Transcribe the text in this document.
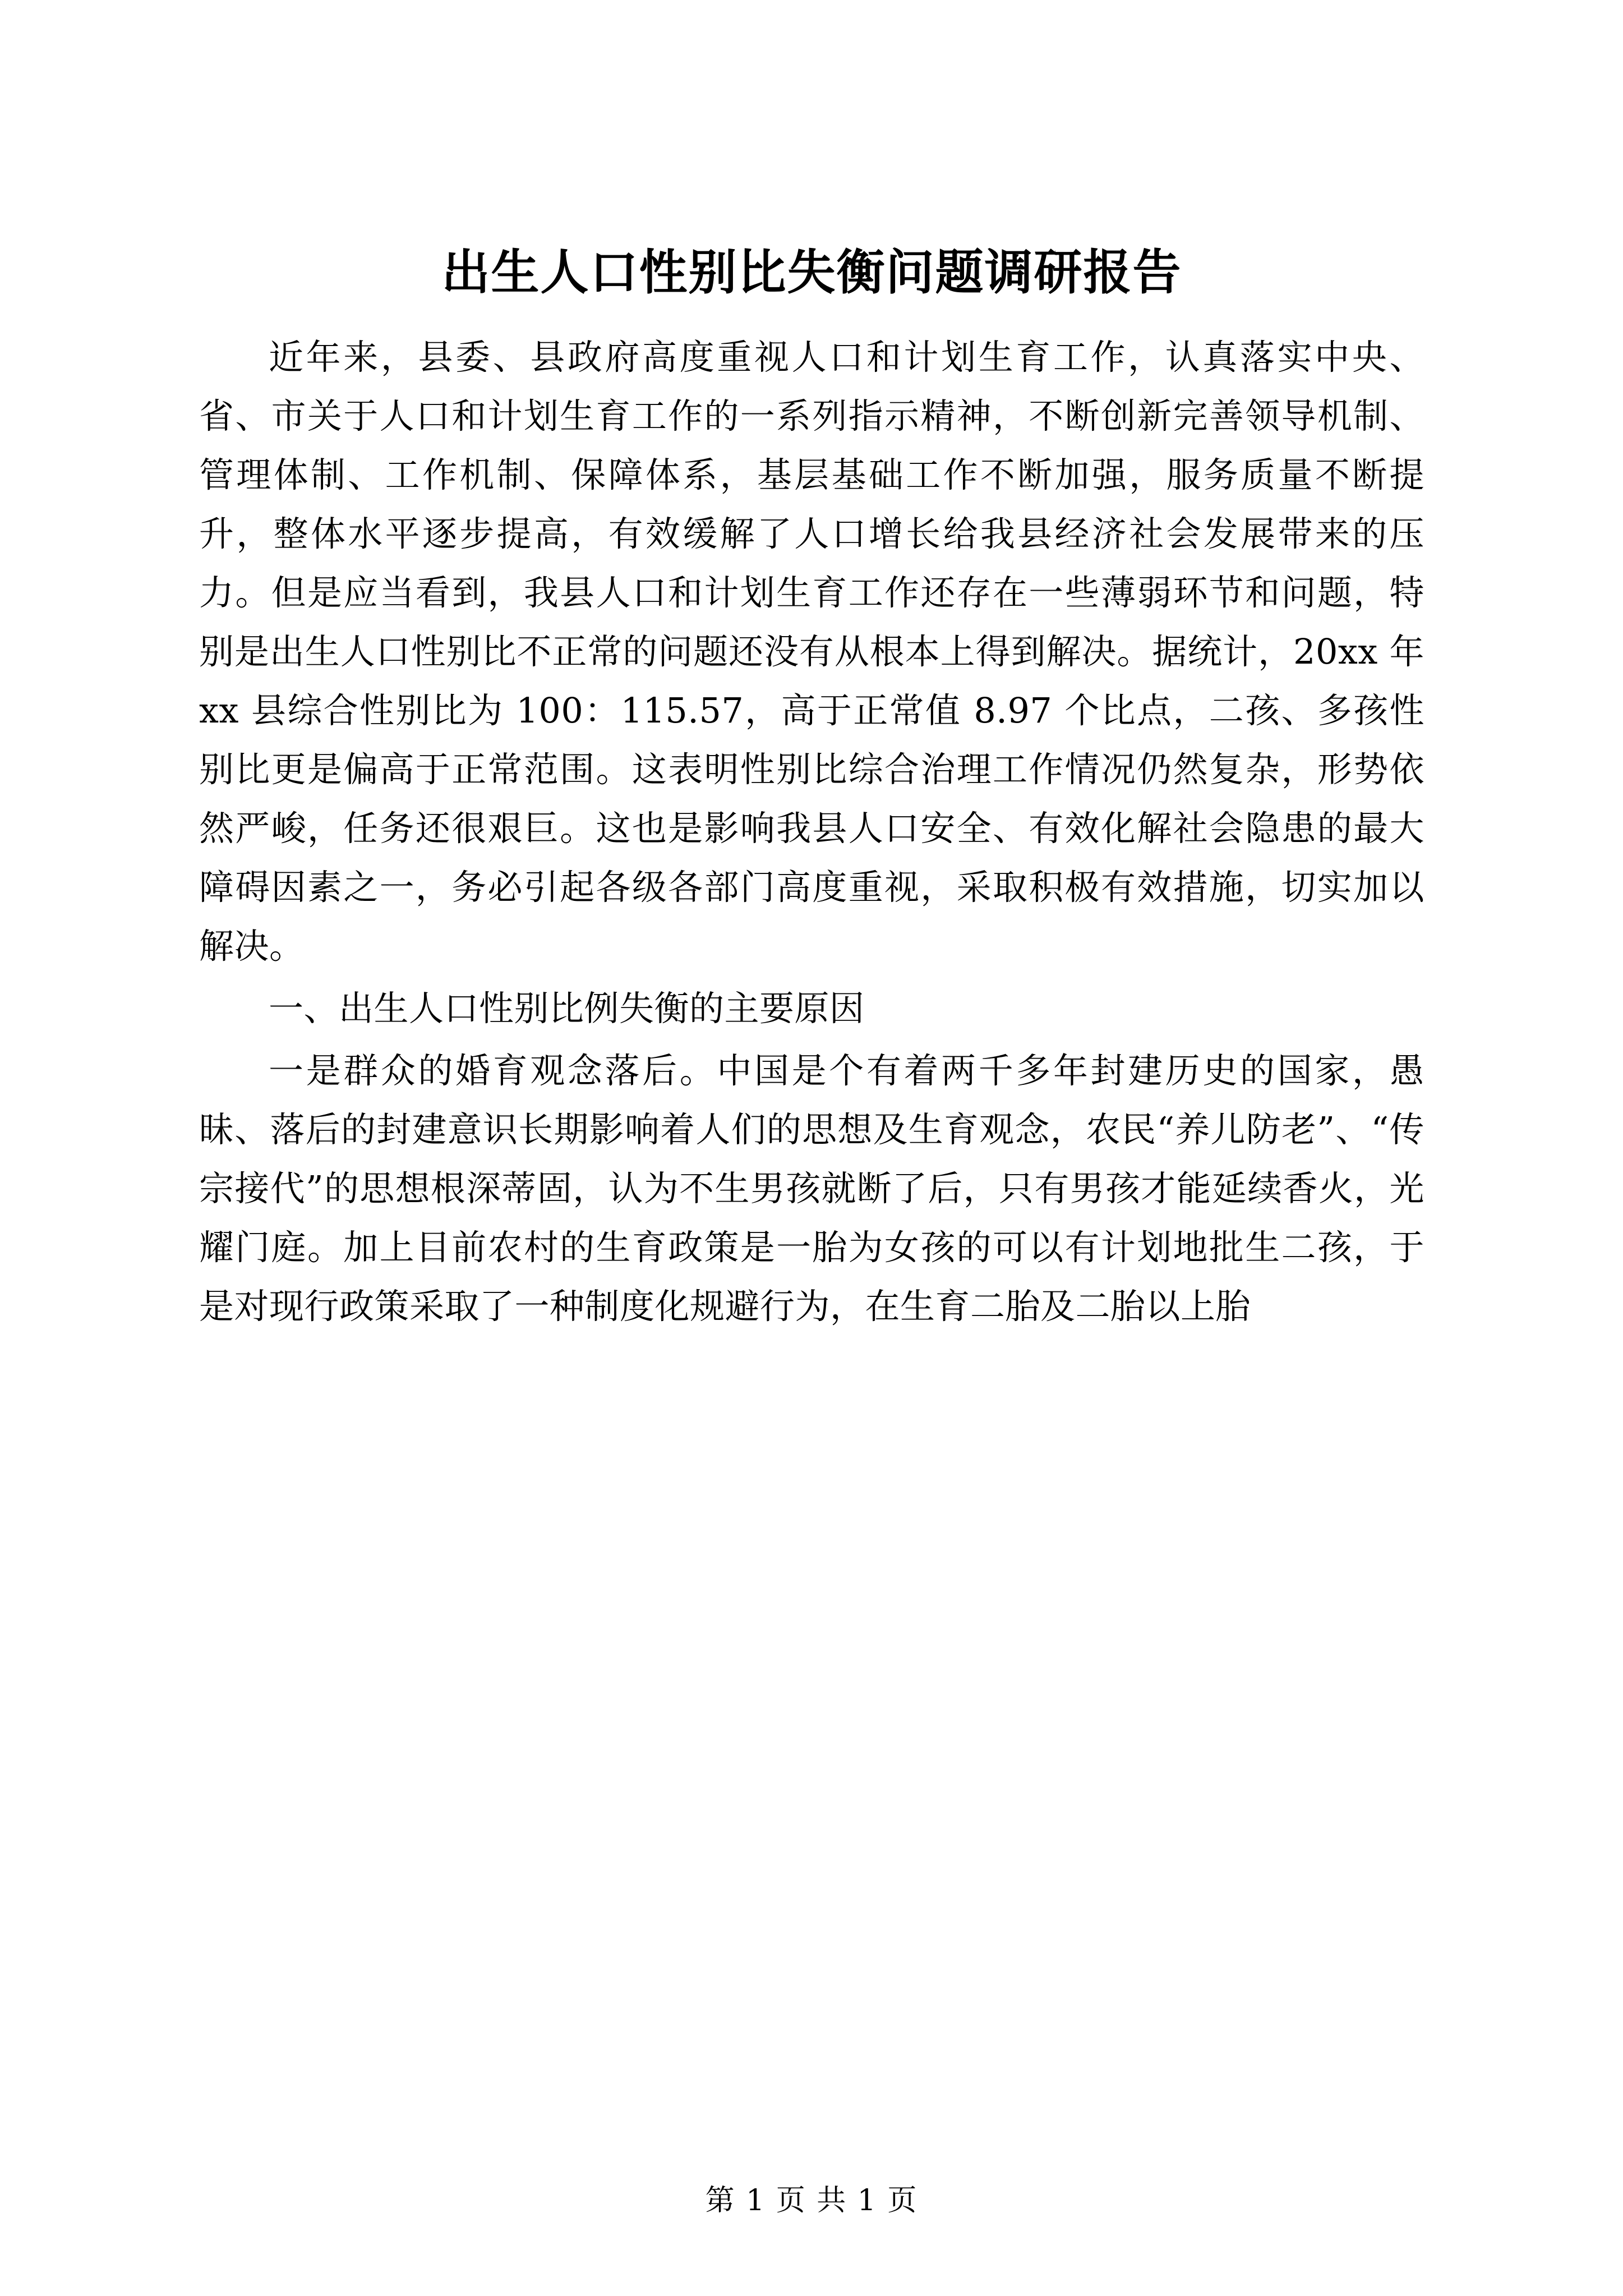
出生人口性别比失衡问题调研报告

近年来，县委、县政府高度重视人口和计划生育工作，认真落实中央、省、市关于人口和计划生育工作的一系列指示精神，不断创新完善领导机制、管理体制、工作机制、保障体系，基层基础工作不断加强，服务质量不断提升，整体水平逐步提高，有效缓解了人口增长给我县经济社会发展带来的压力。但是应当看到，我县人口和计划生育工作还存在一些薄弱环节和问题，特别是出生人口性别比不正常的问题还没有从根本上得到解决。据统计，20xx 年 xx 县综合性别比为 100：115.57，高于正常值 8.97 个比点，二孩、多孩性别比更是偏高于正常范围。这表明性别比综合治理工作情况仍然复杂，形势依然严峻，任务还很艰巨。这也是影响我县人口安全、有效化解社会隐患的最大障碍因素之一，务必引起各级各部门高度重视，采取积极有效措施，切实加以解决。

一、出生人口性别比例失衡的主要原因

一是群众的婚育观念落后。中国是个有着两千多年封建历史的国家，愚昧、落后的封建意识长期影响着人们的思想及生育观念，农民“养儿防老”、“传宗接代”的思想根深蒂固，认为不生男孩就断了后，只有男孩才能延续香火，光耀门庭。加上目前农村的生育政策是一胎为女孩的可以有计划地批生二孩，于是对现行政策采取了一种制度化规避行为，在生育二胎及二胎以上胎

第 1 页 共 1 页
